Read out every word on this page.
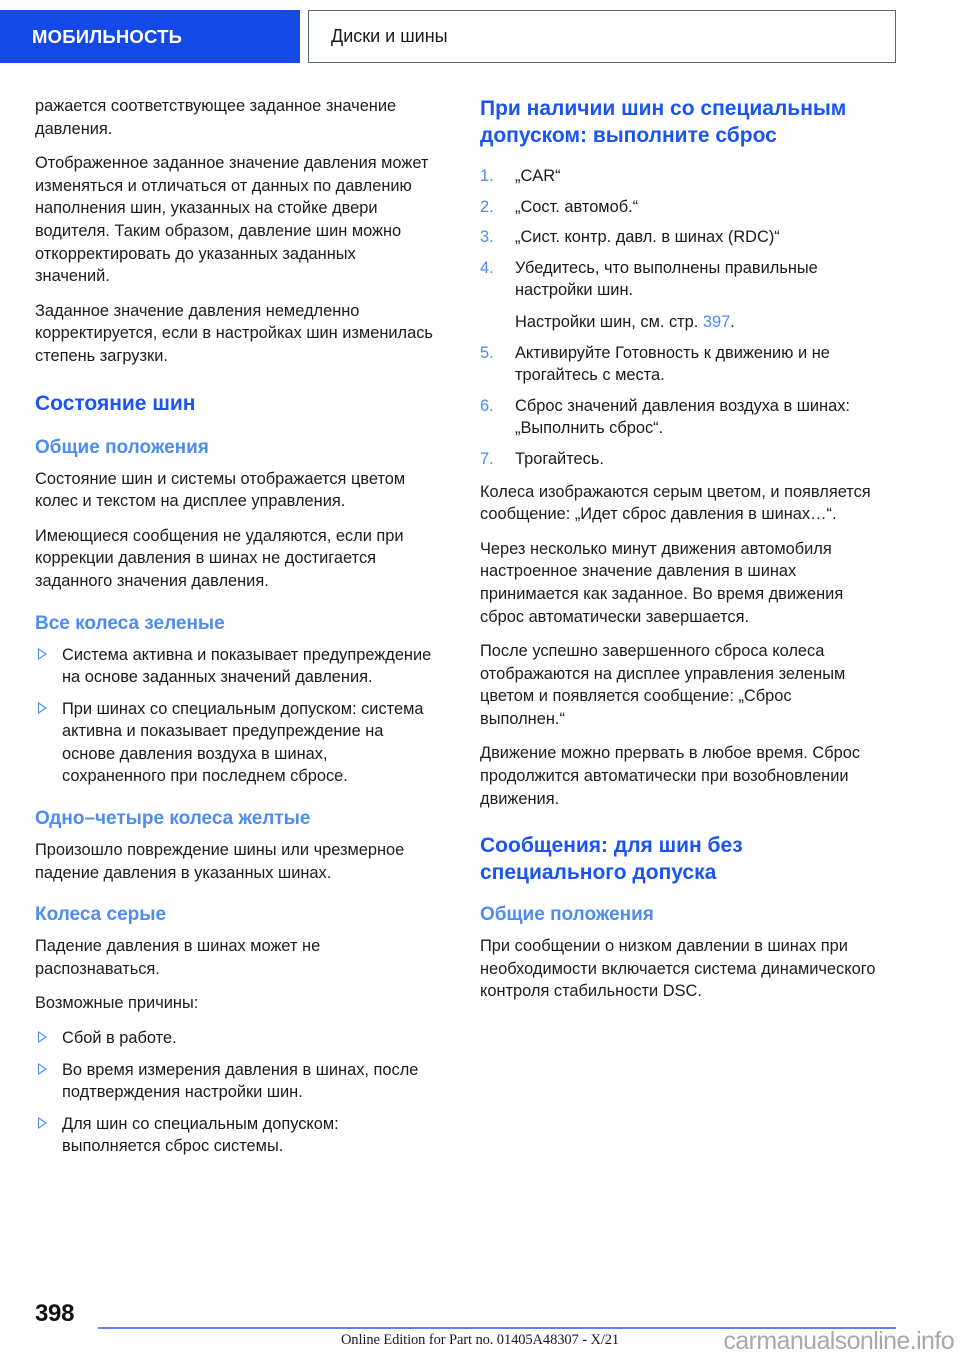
МОБИЛЬНОСТЬ	Диски и шины

ражается соответствующее заданное значение давления.

Отображенное заданное значение давления может изменяться и отличаться от данных по давлению наполнения шин, указанных на стойке двери водителя. Таким образом, давление шин можно откорректировать до указанных заданных значений.

Заданное значение давления немедленно корректируется, если в настройках шин изменилась степень загрузки.

Состояние шин
Общие положения

Состояние шин и системы отображается цветом колес и текстом на дисплее управления.

Имеющиеся сообщения не удаляются, если при коррекции давления в шинах не достигается заданного значения давления.

Все колеса зеленые
Система активна и показывает предупреждение на основе заданных значений давления.
При шинах со специальным допуском: система активна и показывает предупреждение на основе давления воздуха в шинах, сохраненного при последнем сбросе.
Одно–четыре колеса желтые

Произошло повреждение шины или чрезмерное падение давления в указанных шинах.

Колеса серые

Падение давления в шинах может не распознаваться.

Возможные причины:

Сбой в работе.
Во время измерения давления в шинах, после подтверждения настройки шин.
Для шин со специальным допуском: выполняется сброс системы.
При наличии шин со специальным допуском: выполните сброс
1. „CAR“
2. „Сост. автомоб.“
3. „Сист. контр. давл. в шинах (RDC)“
4. Убедитесь, что выполнены правильные настройки шин.
Настройки шин, см. стр. 397.
5. Активируйте Готовность к движению и не трогайтесь с места.
6. Сброс значений давления воздуха в шинах: „Выполнить сброс“.
7. Трогайтесь.

Колеса изображаются серым цветом, и появляется сообщение: „Идет сброс давления в шинах…“.

Через несколько минут движения автомобиля настроенное значение давления в шинах принимается как заданное. Во время движения сброс автоматически завершается.

После успешно завершенного сброса колеса отображаются на дисплее управления зеленым цветом и появляется сообщение: „Сброс выполнен.“

Движение можно прервать в любое время. Сброс продолжится автоматически при возобновлении движения.

Сообщения: для шин без специального допуска
Общие положения

При сообщении о низком давлении в шинах при необходимости включается система динамического контроля стабильности DSC.

398
Online Edition for Part no. 01405A48307 - X/21	carmanualsonline.info
